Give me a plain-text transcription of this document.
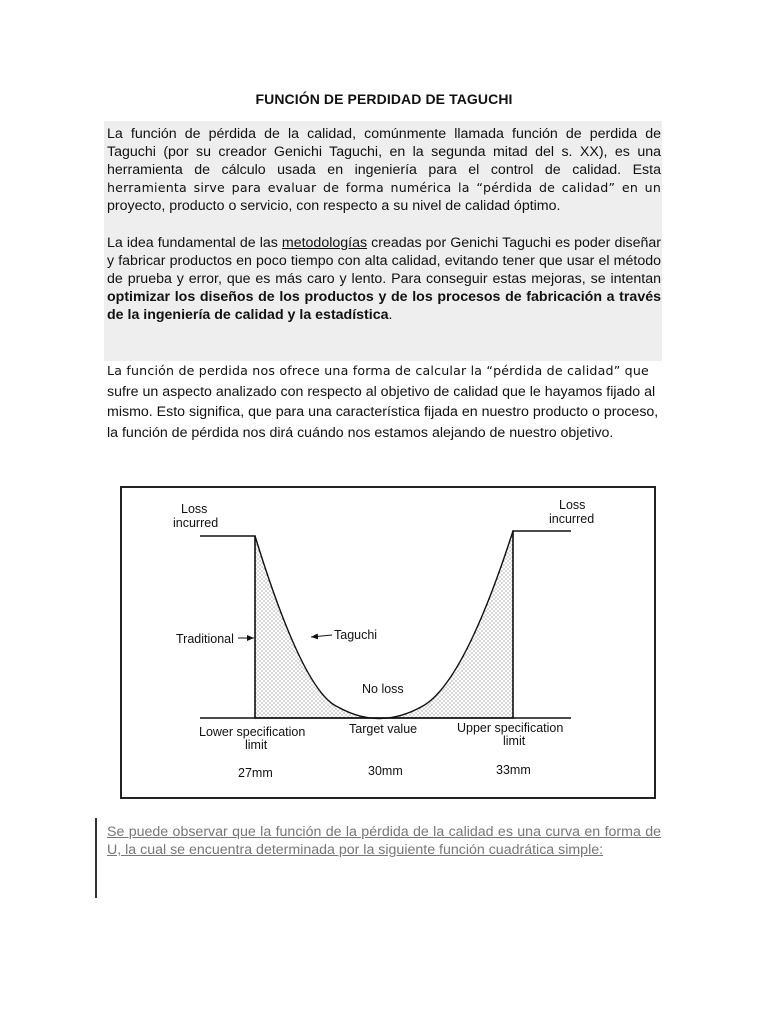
FUNCIÓN DE PERDIDAD DE TAGUCHI

La función de pérdida de la calidad, comúnmente llamada función de perdida de Taguchi (por su creador Genichi Taguchi, en la segunda mitad del s. XX), es una herramienta de cálculo usada en ingeniería para el control de calidad. Esta herramienta sirve para evaluar de forma numérica la “pérdida de calidad” en un proyecto, producto o servicio, con respecto a su nivel de calidad óptimo.

La idea fundamental de las metodologías creadas por Genichi Taguchi es poder diseñar y fabricar productos en poco tiempo con alta calidad, evitando tener que usar el método de prueba y error, que es más caro y lento. Para conseguir estas mejoras, se intentan optimizar los diseños de los productos y de los procesos de fabricación a través de la ingeniería de calidad y la estadística.

La función de perdida nos ofrece una forma de calcular la “pérdida de calidad” que
sufre un aspecto analizado con respecto al objetivo de calidad que le hayamos fijado al mismo. Esto significa, que para una característica fijada en nuestro producto o proceso, la función de pérdida nos dirá cuándo nos estamos alejando de nuestro objetivo.

Loss
incurred
Loss
incurred
Traditional	Taguchi
No loss
Lower specification
limit
Target value	Upper specification
limit
27mm	30mm	33mm

Se puede observar que la función de la pérdida de la calidad es una curva en forma de U, la cual se encuentra determinada por la siguiente función cuadrática simple:
